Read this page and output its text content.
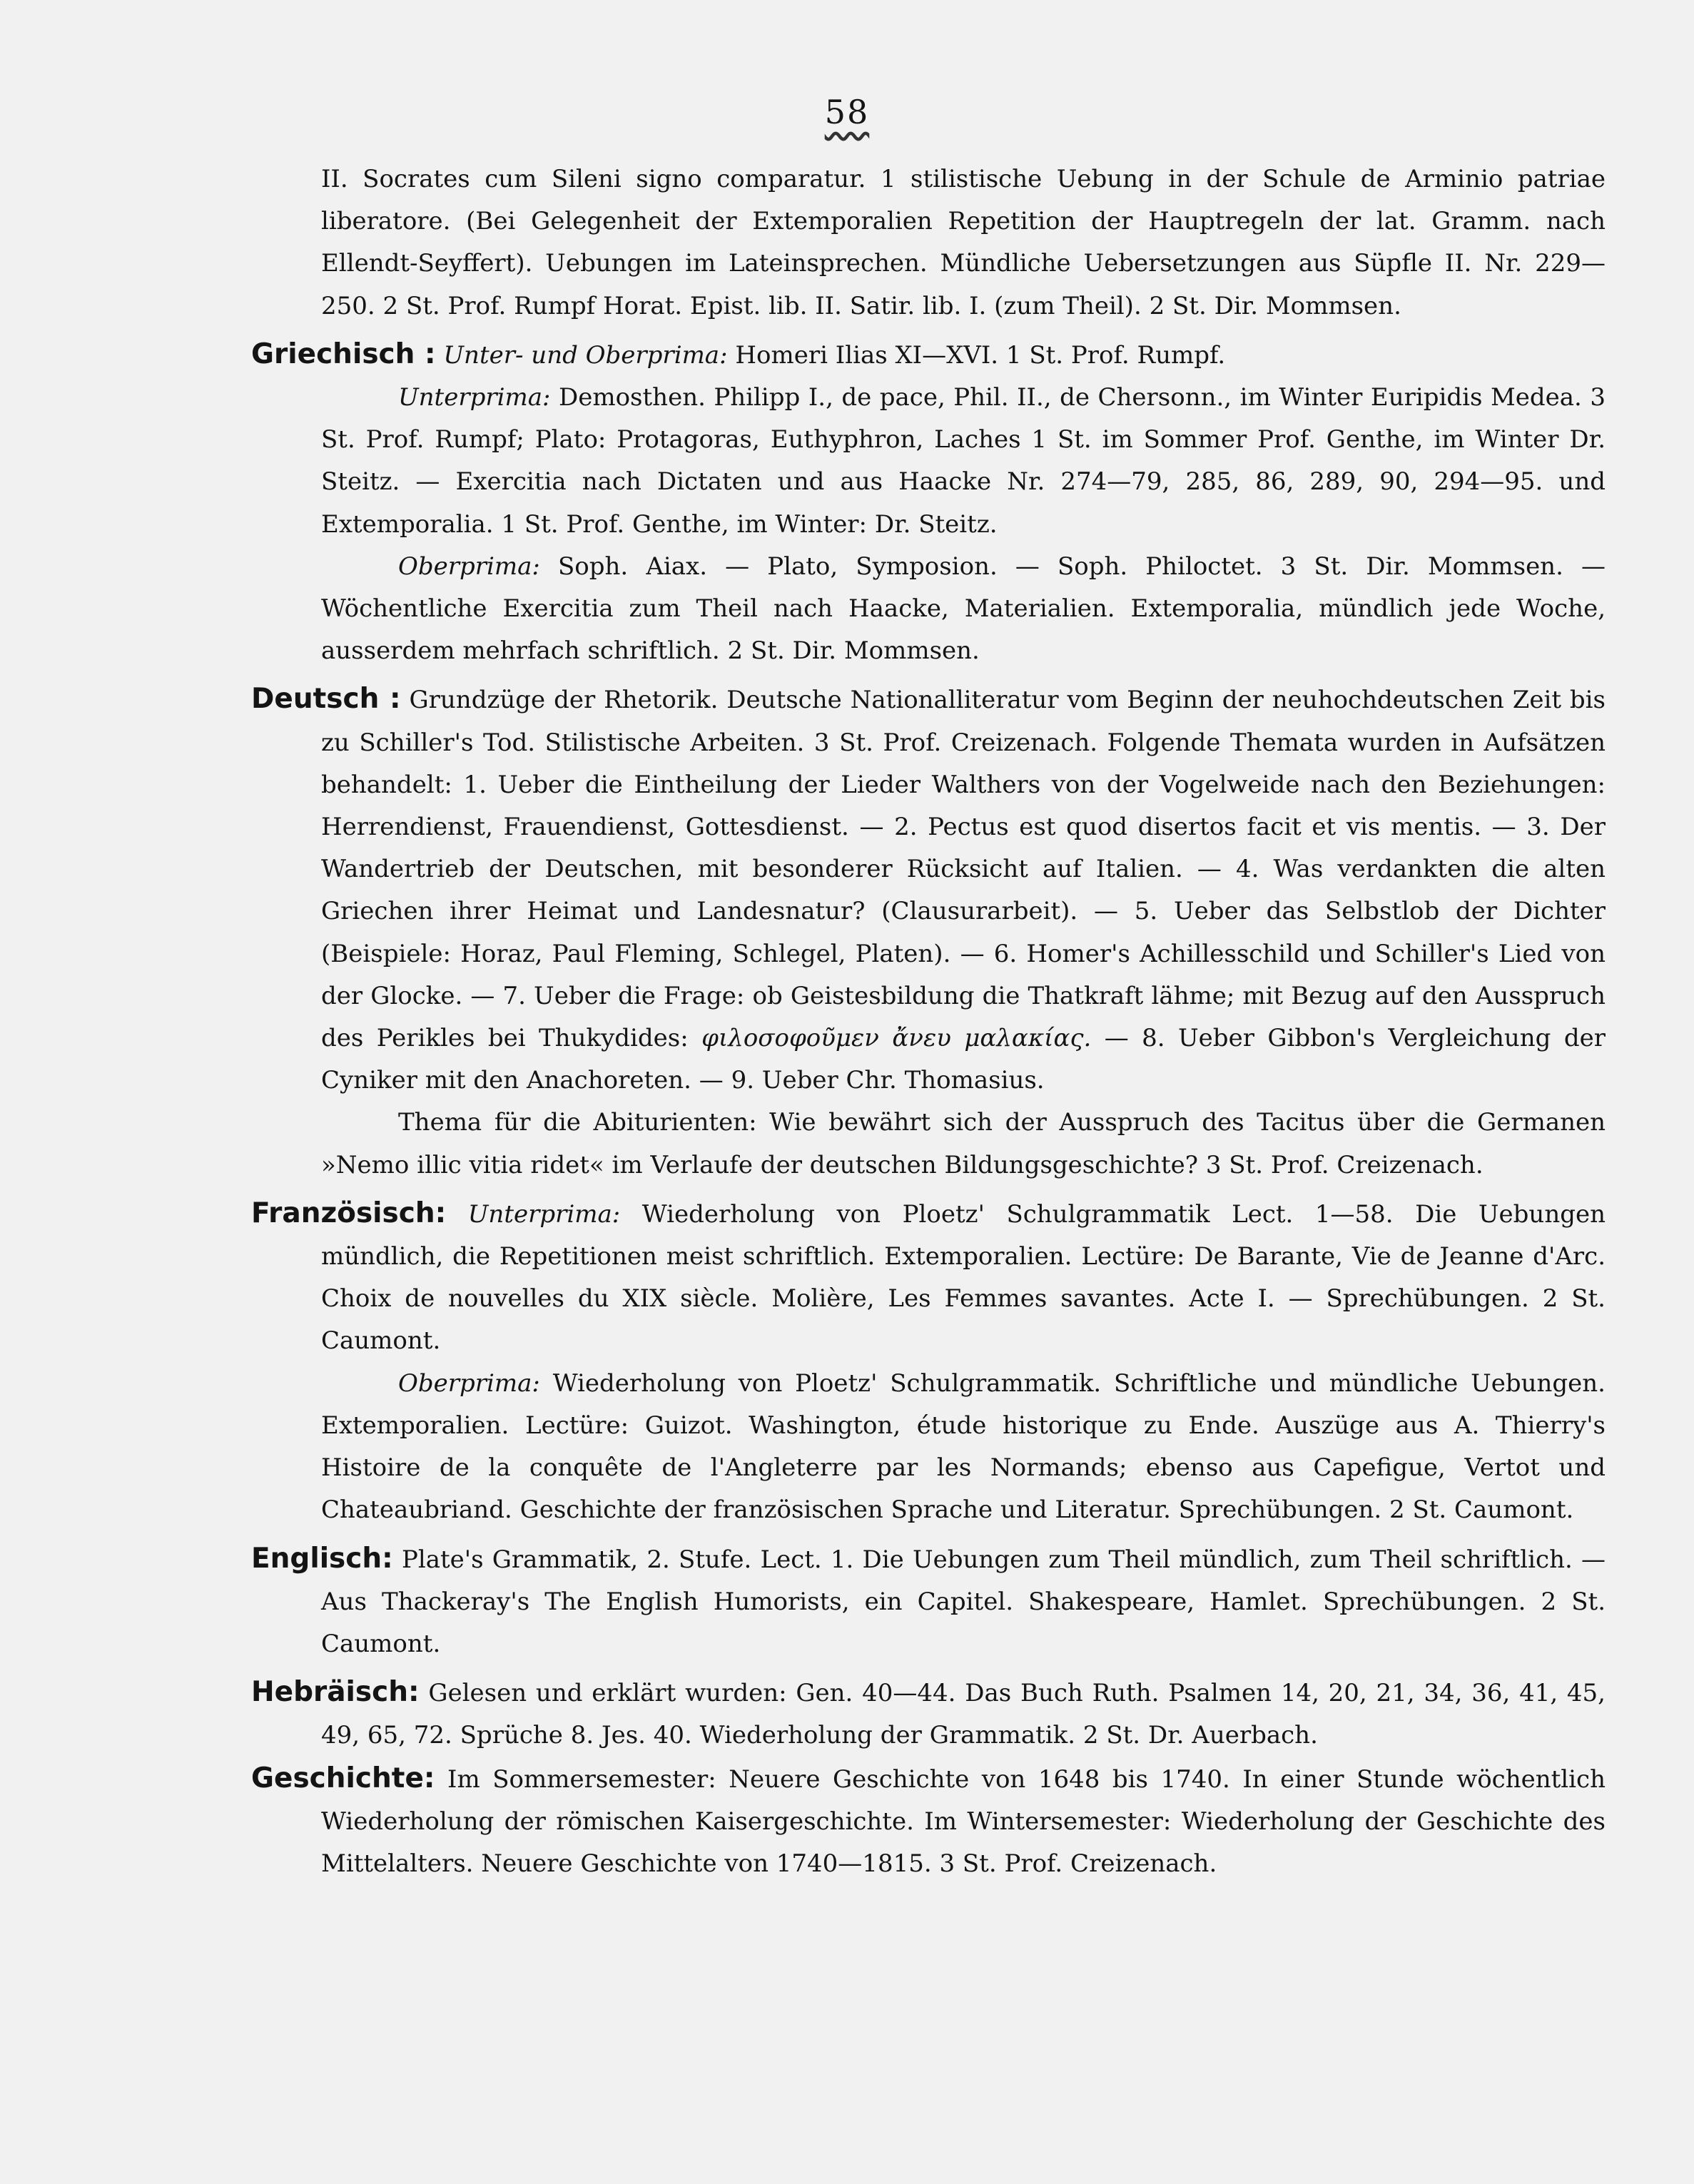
58

II. Socrates cum Sileni signo comparatur. 1 stilistische Uebung in der Schule de Arminio patriae liberatore. (Bei Gelegenheit der Extemporalien Repetition der Hauptregeln der lat. Gramm. nach Ellendt-Seyffert). Uebungen im Lateinsprechen. Mündliche Uebersetzungen aus Süpfle II. Nr. 229—250. 2 St. Prof. Rumpf Horat. Epist. lib. II. Satir. lib. I. (zum Theil). 2 St. Dir. Mommsen.

Griechisch : Unter- und Oberprima: Homeri Ilias XI—XVI. 1 St. Prof. Rumpf.

Unterprima: Demosthen. Philipp I., de pace, Phil. II., de Chersonn., im Winter Euripidis Medea. 3 St. Prof. Rumpf; Plato: Protagoras, Euthyphron, Laches 1 St. im Sommer Prof. Genthe, im Winter Dr. Steitz. — Exercitia nach Dictaten und aus Haacke Nr. 274—79, 285, 86, 289, 90, 294—95. und Extemporalia. 1 St. Prof. Genthe, im Winter: Dr. Steitz.

Oberprima: Soph. Aiax. — Plato, Symposion. — Soph. Philoctet. 3 St. Dir. Mommsen. — Wöchentliche Exercitia zum Theil nach Haacke, Materialien. Extemporalia, mündlich jede Woche, ausserdem mehrfach schriftlich. 2 St. Dir. Mommsen.

Deutsch : Grundzüge der Rhetorik. Deutsche Nationalliteratur vom Beginn der neuhochdeutschen Zeit bis zu Schiller's Tod. Stilistische Arbeiten. 3 St. Prof. Creizenach. Folgende Themata wurden in Aufsätzen behandelt: 1. Ueber die Eintheilung der Lieder Walthers von der Vogelweide nach den Beziehungen: Herrendienst, Frauendienst, Gottesdienst. — 2. Pectus est quod disertos facit et vis mentis. — 3. Der Wandertrieb der Deutschen, mit besonderer Rücksicht auf Italien. — 4. Was verdankten die alten Griechen ihrer Heimat und Landesnatur? (Clausurarbeit). — 5. Ueber das Selbstlob der Dichter (Beispiele: Horaz, Paul Fleming, Schlegel, Platen). — 6. Homer's Achillesschild und Schiller's Lied von der Glocke. — 7. Ueber die Frage: ob Geistesbildung die Thatkraft lähme; mit Bezug auf den Ausspruch des Perikles bei Thukydides: φιλοσοφοῦμεν ἄνευ μαλακίας. — 8. Ueber Gibbon's Vergleichung der Cyniker mit den Anachoreten. — 9. Ueber Chr. Thomasius.

Thema für die Abiturienten: Wie bewährt sich der Ausspruch des Tacitus über die Germanen »Nemo illic vitia ridet« im Verlaufe der deutschen Bildungsgeschichte? 3 St. Prof. Creizenach.

Französisch: Unterprima: Wiederholung von Ploetz' Schulgrammatik Lect. 1—58. Die Uebungen mündlich, die Repetitionen meist schriftlich. Extemporalien. Lectüre: De Barante, Vie de Jeanne d'Arc. Choix de nouvelles du XIX siècle. Molière, Les Femmes savantes. Acte I. — Sprechübungen. 2 St. Caumont.

Oberprima: Wiederholung von Ploetz' Schulgrammatik. Schriftliche und mündliche Uebungen. Extemporalien. Lectüre: Guizot. Washington, étude historique zu Ende. Auszüge aus A. Thierry's Histoire de la conquête de l'Angleterre par les Normands; ebenso aus Capefigue, Vertot und Chateaubriand. Geschichte der französischen Sprache und Literatur. Sprechübungen. 2 St. Caumont.

Englisch: Plate's Grammatik, 2. Stufe. Lect. 1. Die Uebungen zum Theil mündlich, zum Theil schriftlich. — Aus Thackeray's The English Humorists, ein Capitel. Shakespeare, Hamlet. Sprechübungen. 2 St. Caumont.

Hebräisch: Gelesen und erklärt wurden: Gen. 40—44. Das Buch Ruth. Psalmen 14, 20, 21, 34, 36, 41, 45, 49, 65, 72. Sprüche 8. Jes. 40. Wiederholung der Grammatik. 2 St. Dr. Auerbach.

Geschichte: Im Sommersemester: Neuere Geschichte von 1648 bis 1740. In einer Stunde wöchentlich Wiederholung der römischen Kaisergeschichte. Im Wintersemester: Wiederholung der Geschichte des Mittelalters. Neuere Geschichte von 1740—1815. 3 St. Prof. Creizenach.
